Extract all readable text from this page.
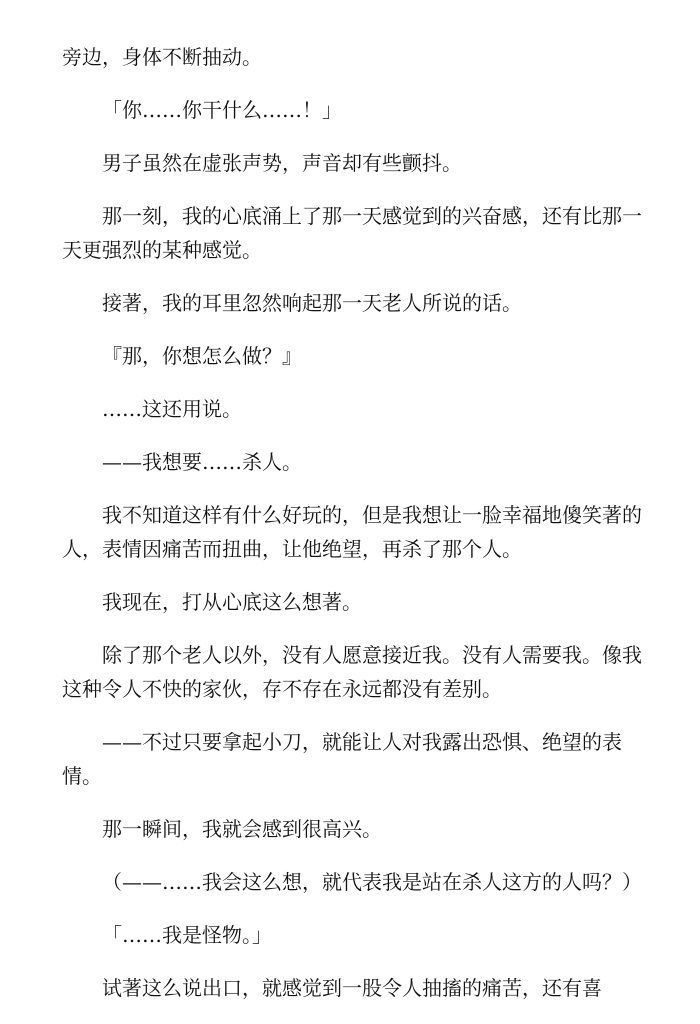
旁边，身体不断抽动。

「你……你干什么……！」

男子虽然在虚张声势，声音却有些颤抖。

那一刻，我的心底涌上了那一天感觉到的兴奋感，还有比那一天更强烈的某种感觉。

接著，我的耳里忽然响起那一天老人所说的话。

『那，你想怎么做？』

……这还用说。

——我想要……杀人。

我不知道这样有什么好玩的，但是我想让一脸幸福地傻笑著的人，表情因痛苦而扭曲，让他绝望，再杀了那个人。

我现在，打从心底这么想著。

除了那个老人以外，没有人愿意接近我。没有人需要我。像我这种令人不快的家伙，存不存在永远都没有差别。

——不过只要拿起小刀，就能让人对我露出恐惧、绝望的表情。

那一瞬间，我就会感到很高兴。

（——……我会这么想，就代表我是站在杀人这方的人吗？）

「……我是怪物。」

试著这么说出口，就感觉到一股令人抽搐的痛苦，还有喜
